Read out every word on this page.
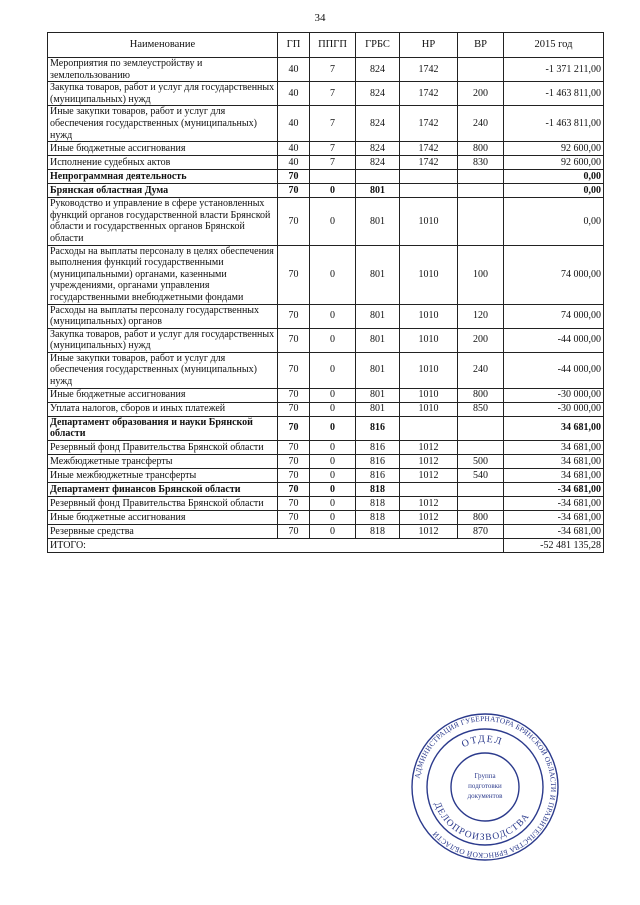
34
Наименование	ГП	ППГП	ГРБС	НР	ВР	2015 год
Мероприятия по землеустройству и землепользованию	40	7	824	1742		-1 371 211,00
Закупка товаров, работ и услуг для государственных (муниципальных) нужд	40	7	824	1742	200	-1 463 811,00
Иные закупки товаров, работ и услуг для обеспечения государственных (муниципальных) нужд	40	7	824	1742	240	-1 463 811,00
Иные бюджетные ассигнования	40	7	824	1742	800	92 600,00
Исполнение судебных актов	40	7	824	1742	830	92 600,00
Непрограммная деятельность	70					0,00
Брянская областная Дума	70	0	801			0,00
Руководство и управление в сфере установленных функций органов государственной власти Брянской области и государственных органов Брянской области	70	0	801	1010		0,00
Расходы на выплаты персоналу в целях обеспечения выполнения функций государственными (муниципальными) органами, казенными учреждениями, органами управления государственными внебюджетными фондами	70	0	801	1010	100	74 000,00
Расходы на выплаты персоналу государственных (муниципальных) органов	70	0	801	1010	120	74 000,00
Закупка товаров, работ и услуг для государственных (муниципальных) нужд	70	0	801	1010	200	-44 000,00
Иные закупки товаров, работ и услуг для обеспечения государственных (муниципальных) нужд	70	0	801	1010	240	-44 000,00
Иные бюджетные ассигнования	70	0	801	1010	800	-30 000,00
Уплата налогов, сборов и иных платежей	70	0	801	1010	850	-30 000,00
Департамент образования и науки Брянской области	70	0	816			34 681,00
Резервный фонд Правительства Брянской области	70	0	816	1012		34 681,00
Межбюджетные трансферты	70	0	816	1012	500	34 681,00
Иные межбюджетные трансферты	70	0	816	1012	540	34 681,00
Департамент финансов Брянской области	70	0	818			-34 681,00
Резервный фонд Правительства Брянской области	70	0	818	1012		-34 681,00
Иные бюджетные ассигнования	70	0	818	1012	800	-34 681,00
Резервные средства	70	0	818	1012	870	-34 681,00
ИТОГО:						-52 481 135,28
АДМИНИСТРАЦИЯ ГУБЕРНАТОРА БРЯНСКОЙ ОБЛАСТИ И ПРАВИТЕЛЬСТВА БРЯНСКОЙ ОБЛАСТИ
ОТДЕЛ
ДЕЛОПРОИЗВОДСТВА
Группа
подготовки
документов
